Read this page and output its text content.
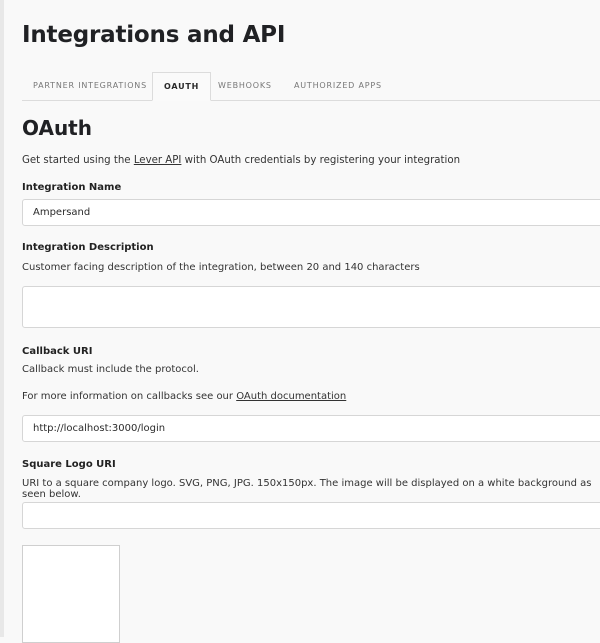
Integrations and API
PARTNER INTEGRATIONS	OAUTH	WEBHOOKS	AUTHORIZED APPS
OAuth
Get started using the Lever API with OAuth credentials by registering your integration
Integration Name
Ampersand
Integration Description
Customer facing description of the integration, between 20 and 140 characters
Callback URI
Callback must include the protocol.
For more information on callbacks see our OAuth documentation
http://localhost:3000/login
Square Logo URI
URI to a square company logo. SVG, PNG, JPG. 150x150px. The image will be displayed on a white background as seen below.
